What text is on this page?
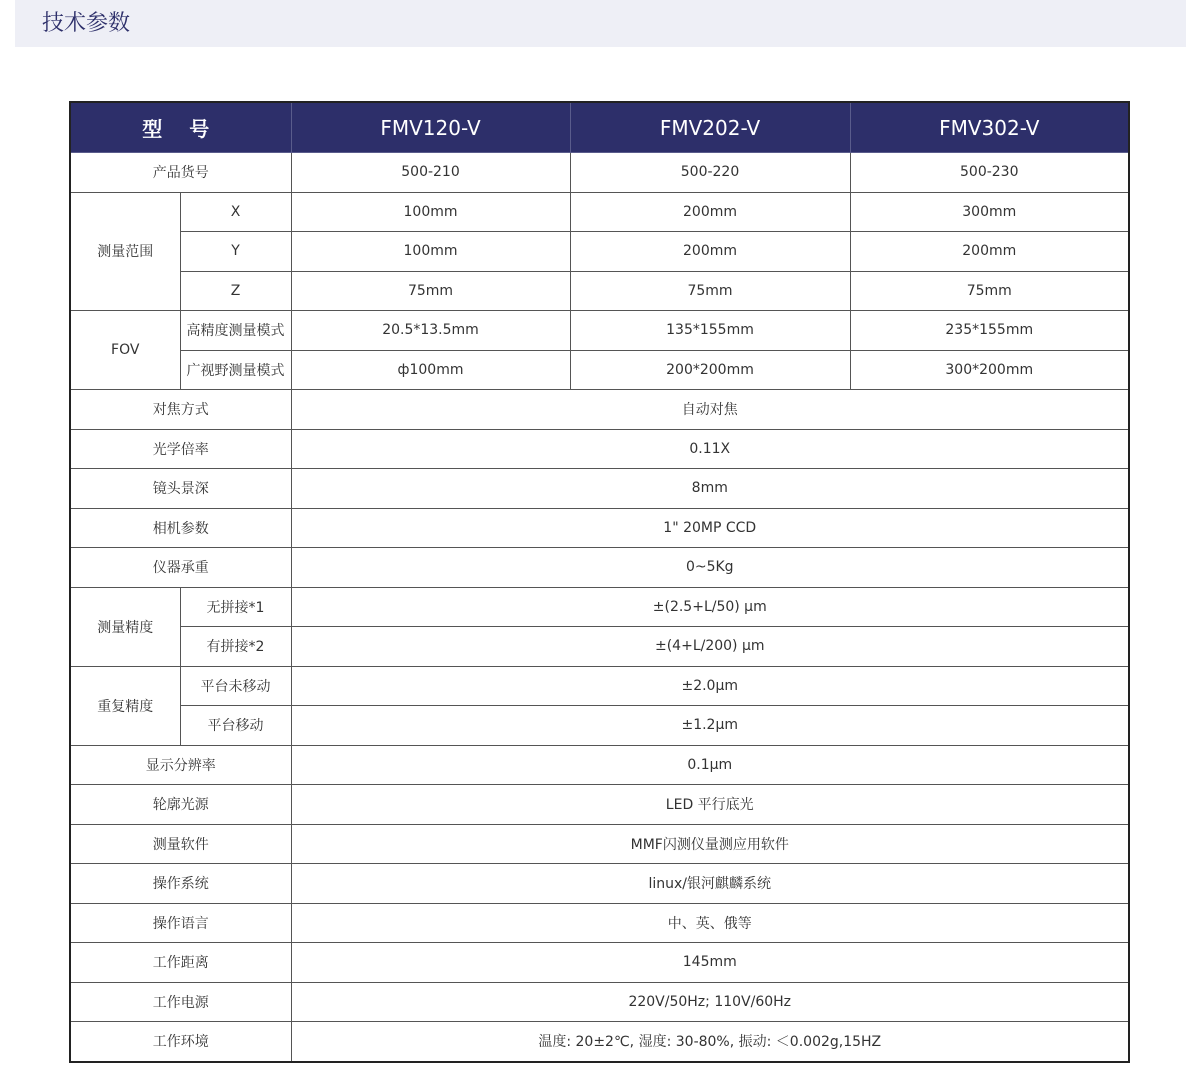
技术参数
型 号		FMV120-V	FMV202-V	FMV302-V
产品货号		500-210	500-220	500-230
测量范围	X	100mm	200mm	300mm
	Y	100mm	200mm	200mm
	Z	75mm	75mm	75mm
FOV	高精度测量模式	20.5*13.5mm	135*155mm	235*155mm
	广视野测量模式	ф100mm	200*200mm	300*200mm
对焦方式		自动对焦		
光学倍率		0.11X		
镜头景深		8mm		
相机参数		1" 20MP CCD		
仪器承重		0~5Kg		
测量精度	无拼接*1	±(2.5+L/50) μm		
	有拼接*2	±(4+L/200) μm		
重复精度	平台未移动	±2.0μm		
	平台移动	±1.2μm		
显示分辨率		0.1μm		
轮廓光源		LED 平行底光		
测量软件		MMF闪测仪量测应用软件		
操作系统		linux/银河麒麟系统		
操作语言		中、英、俄等		
工作距离		145mm		
工作电源		220V/50Hz; 110V/60Hz		
工作环境		温度: 20±2℃, 湿度: 30-80%, 振动: ＜0.002g,15HZ		
